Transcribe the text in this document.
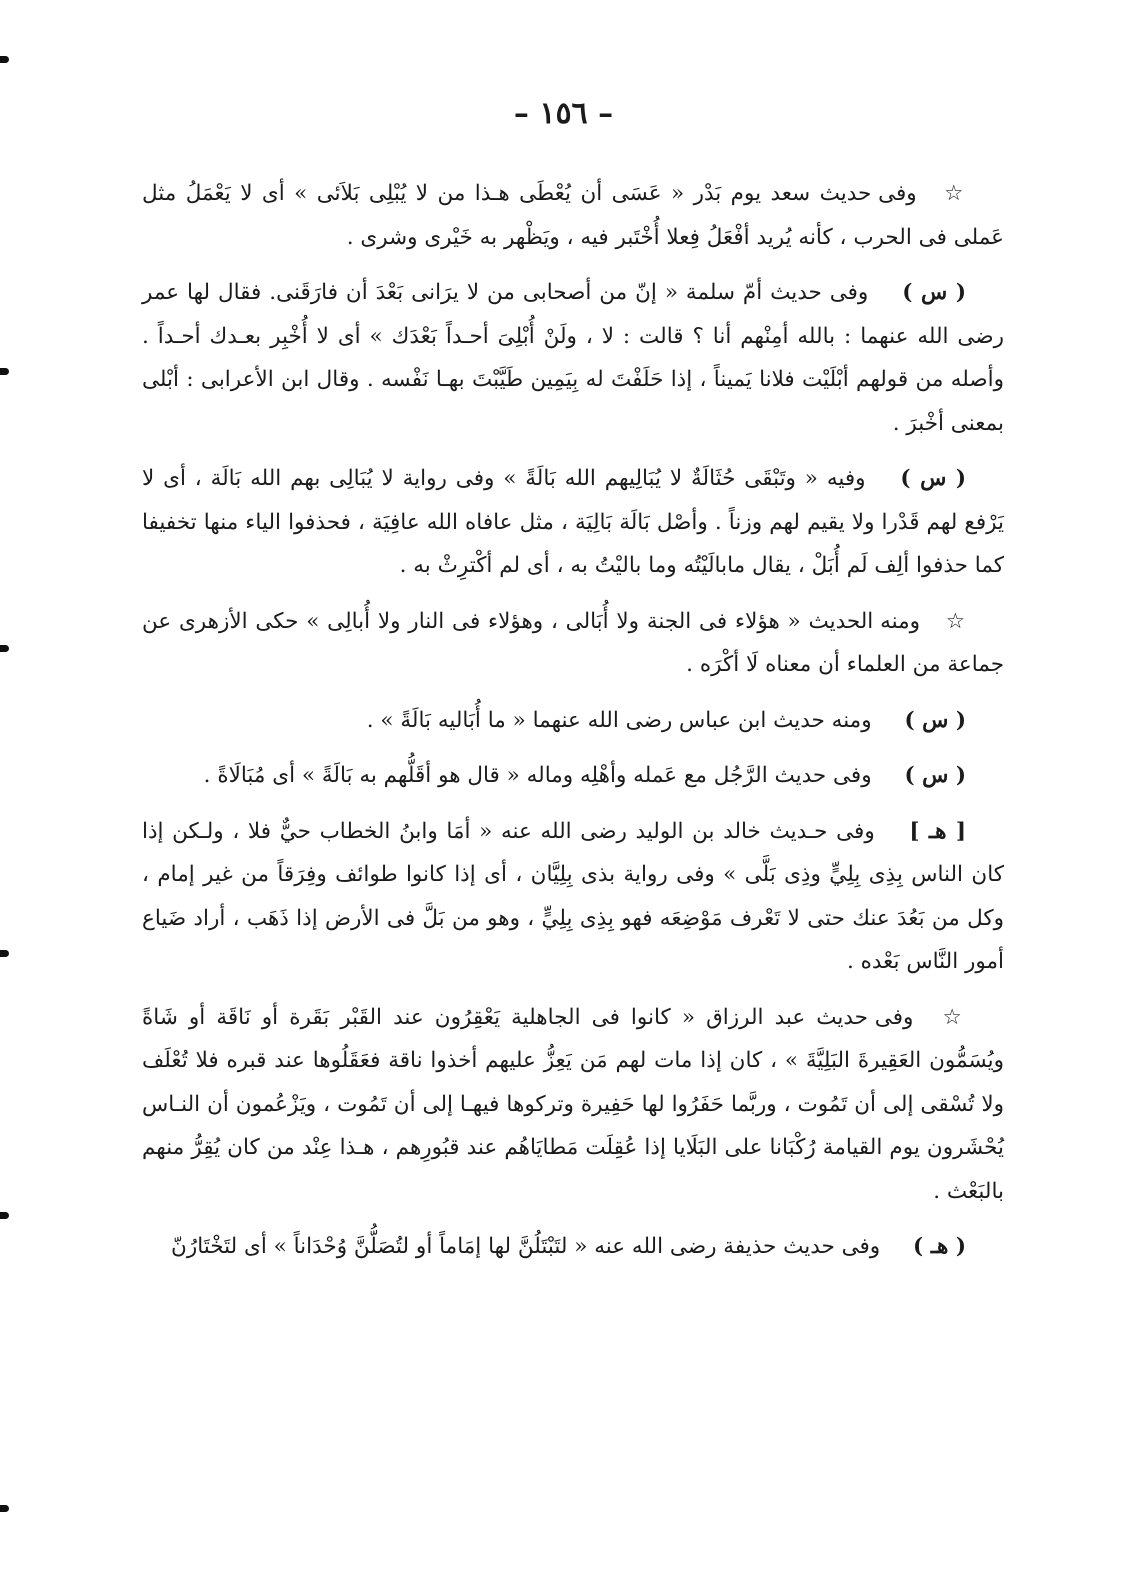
– ١٥٦ –

☆ وفى حديث سعد يوم بَدْر « عَسَى أن يُعْطَى هـذا من لا يُبْلِى بَلاَئى » أى لا يَعْمَلُ مثل عَملى فى الحرب ، كأنه يُريد أفْعَلُ فِعلا أُخْتَبر فيه ، ويَظْهر به خَيْرى وشرى .

( س ) وفى حديث أمّ سلمة « إنّ من أصحابى من لا يرَانى بَعْدَ أن فارَقَنى. فقال لها عمر رضى الله عنهما : بالله أمِنْهم أنا ؟ قالت : لا ، ولَنْ أُبْلِىَ أحـداً بَعْدَك » أى لا أُخْبِر بعـدك أحـداً . وأصله من قولهم أبْلَيْت فلانا يَميناً ، إذا حَلَفْتَ له بِيَمِين طَيَّبْتَ بهـا نَفْسه . وقال ابن الأعرابى : أبْلى بمعنى أخْبرَ .

( س ) وفيه « وتَبْقَى حُثَالَةٌ لا يُبَالِيهم الله بَالَةً » وفى رواية لا يُبَالِى بهم الله بَالَة ، أى لا يَرْفع لهم قَدْرا ولا يقيم لهم وزناً . وأصْل بَالَة بَالِيَة ، مثل عافاه الله عافِيَة ، فحذفوا الياء منها تخفيفا كما حذفوا ألِف لَم أُبَلْ ، يقال مابالَيْتُه وما باليْتُ به ، أى لم أكْترِثْ به .

☆ ومنه الحديث « هؤلاء فى الجنة ولا أُبَالى ، وهؤلاء فى النار ولا أُبالِى » حكى الأزهرى عن جماعة من العلماء أن معناه لَا أكْرَه .

( س ) ومنه حديث ابن عباس رضى الله عنهما « ما أُبَاليه بَالَةً » .

( س ) وفى حديث الرَّجُل مع عَمله وأهْلِه وماله « قال هو أقَلُّهم به بَالَةً » أى مُبَالَاةً .

[ هـ ] وفى حـديث خالد بن الوليد رضى الله عنه « أمَا وابنُ الخطاب حيٌّ فلا ، ولـكن إذا كان الناس بِذِى بِلِيٍّ وذِى بَلَّى » وفى رواية بذى بِلِيَّان ، أى إذا كانوا طوائف وفِرَقاً من غير إمام ، وكل من بَعُدَ عنك حتى لا تَعْرف مَوْضِعَه فهو بِذِى بِلِيٍّ ، وهو من بَلَّ فى الأرض إذا ذَهَب ، أراد ضَياع أمور النَّاس بَعْده .

☆ وفى حديث عبد الرزاق « كانوا فى الجاهلية يَعْقِرُون عند القَبْر بَقَرة أو نَاقَة أو شَاةً ويُسَمُّون العَقِيرةَ البَلِيَّةَ » ، كان إذا مات لهم مَن يَعِزُّ عليهم أخذوا ناقة فعَقَلُوها عند قبره فلا تُعْلَف ولا تُسْقى إلى أن تَمُوت ، وربَّما حَفَرُوا لها حَفِيرة وتركوها فيهـا إلى أن تَمُوت ، ويَزْعُمون أن النـاس يُحْشَرون يوم القيامة رُكْبَانا على البَلَايا إذا عُقِلَت مَطايَاهُم عند قبُورِهم ، هـذا عِنْد من كان يُقِرُّ منهم بالبَعْث .

( هـ ) وفى حديث حذيفة رضى الله عنه « لتَبْتَلُنَّ لها إمَاماً أو لتُصَلُّنَّ وُحْدَاناً » أى لتَخْتَارُنّ
